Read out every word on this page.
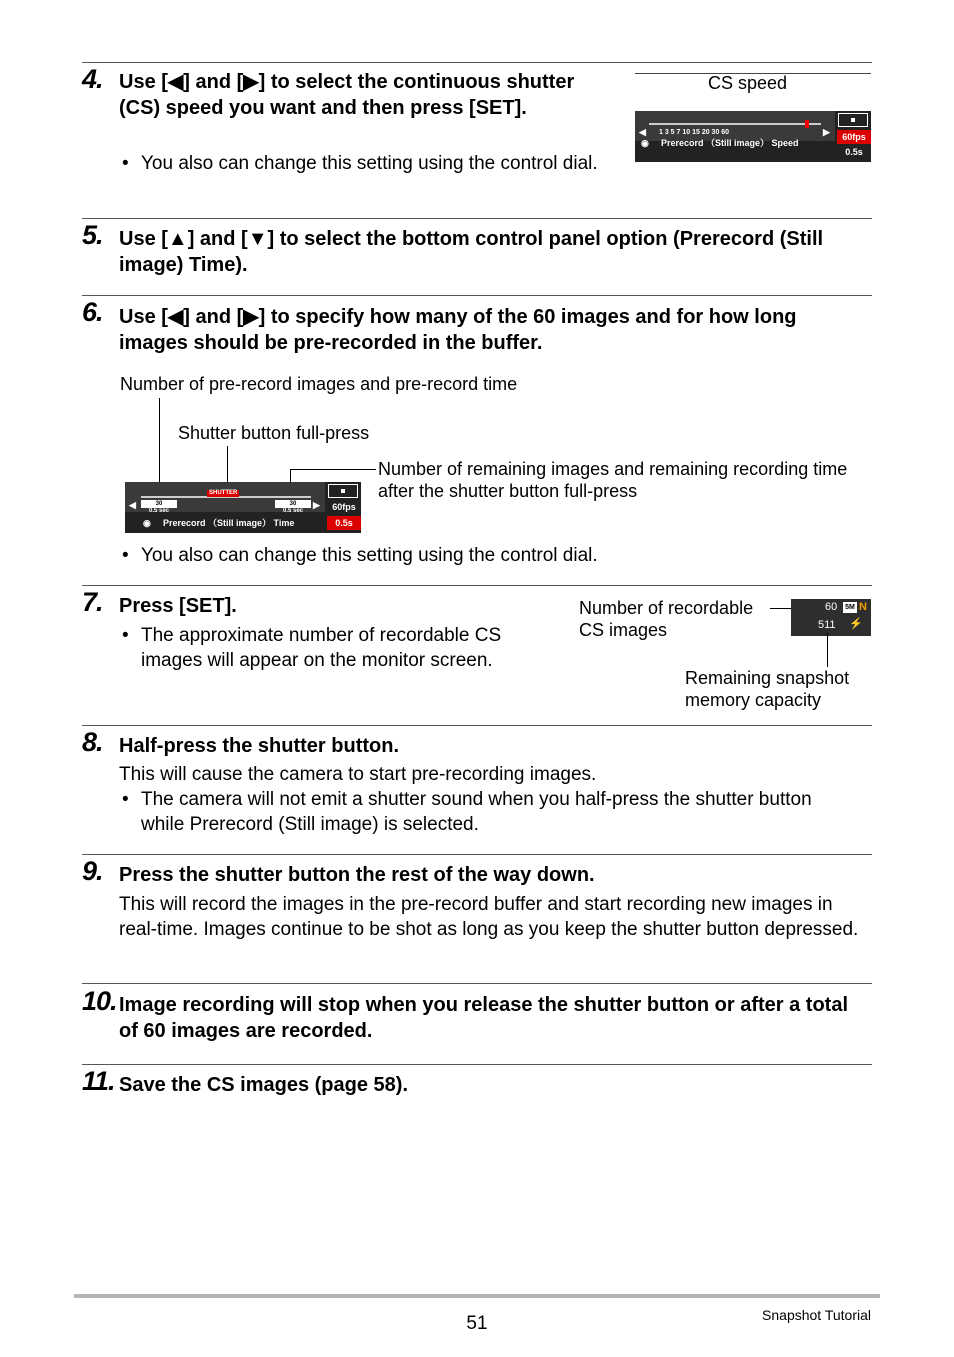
4. Use [◀] and [▶] to select the continuous shutter (CS) speed you want and then press [SET].
• You also can change this setting using the control dial.
CS speed
◀	▶
1 3 5 7 10 15 20 30 60
◉ Prerecord （Still image） Speed
60fps
0.5s
5. Use [▲] and [▼] to select the bottom control panel option (Prerecord (Still image) Time).
6. Use [◀] and [▶] to specify how many of the 60 images and for how long images should be pre-recorded in the buffer.
Number of pre-record images and pre-record time
Shutter button full-press
Number of remaining images and remaining recording time after the shutter button full-press
◀	▶
SHUTTER
30
0.5 sec
30
0.5 sec
◉ Prerecord （Still image） Time
60fps
0.5s
• You also can change this setting using the control dial.
7. Press [SET].
• The approximate number of recordable CS images will appear on the monitor screen.
Number of recordable CS images
60	5M N
511 ⚡
Remaining snapshot memory capacity
8. Half-press the shutter button.
This will cause the camera to start pre-recording images.
• The camera will not emit a shutter sound when you half-press the shutter button while Prerecord (Still image) is selected.
9. Press the shutter button the rest of the way down.
This will record the images in the pre-record buffer and start recording new images in real-time. Images continue to be shot as long as you keep the shutter button depressed.
10. Image recording will stop when you release the shutter button or after a total of 60 images are recorded.
11. Save the CS images (page 58).
51	Snapshot Tutorial
